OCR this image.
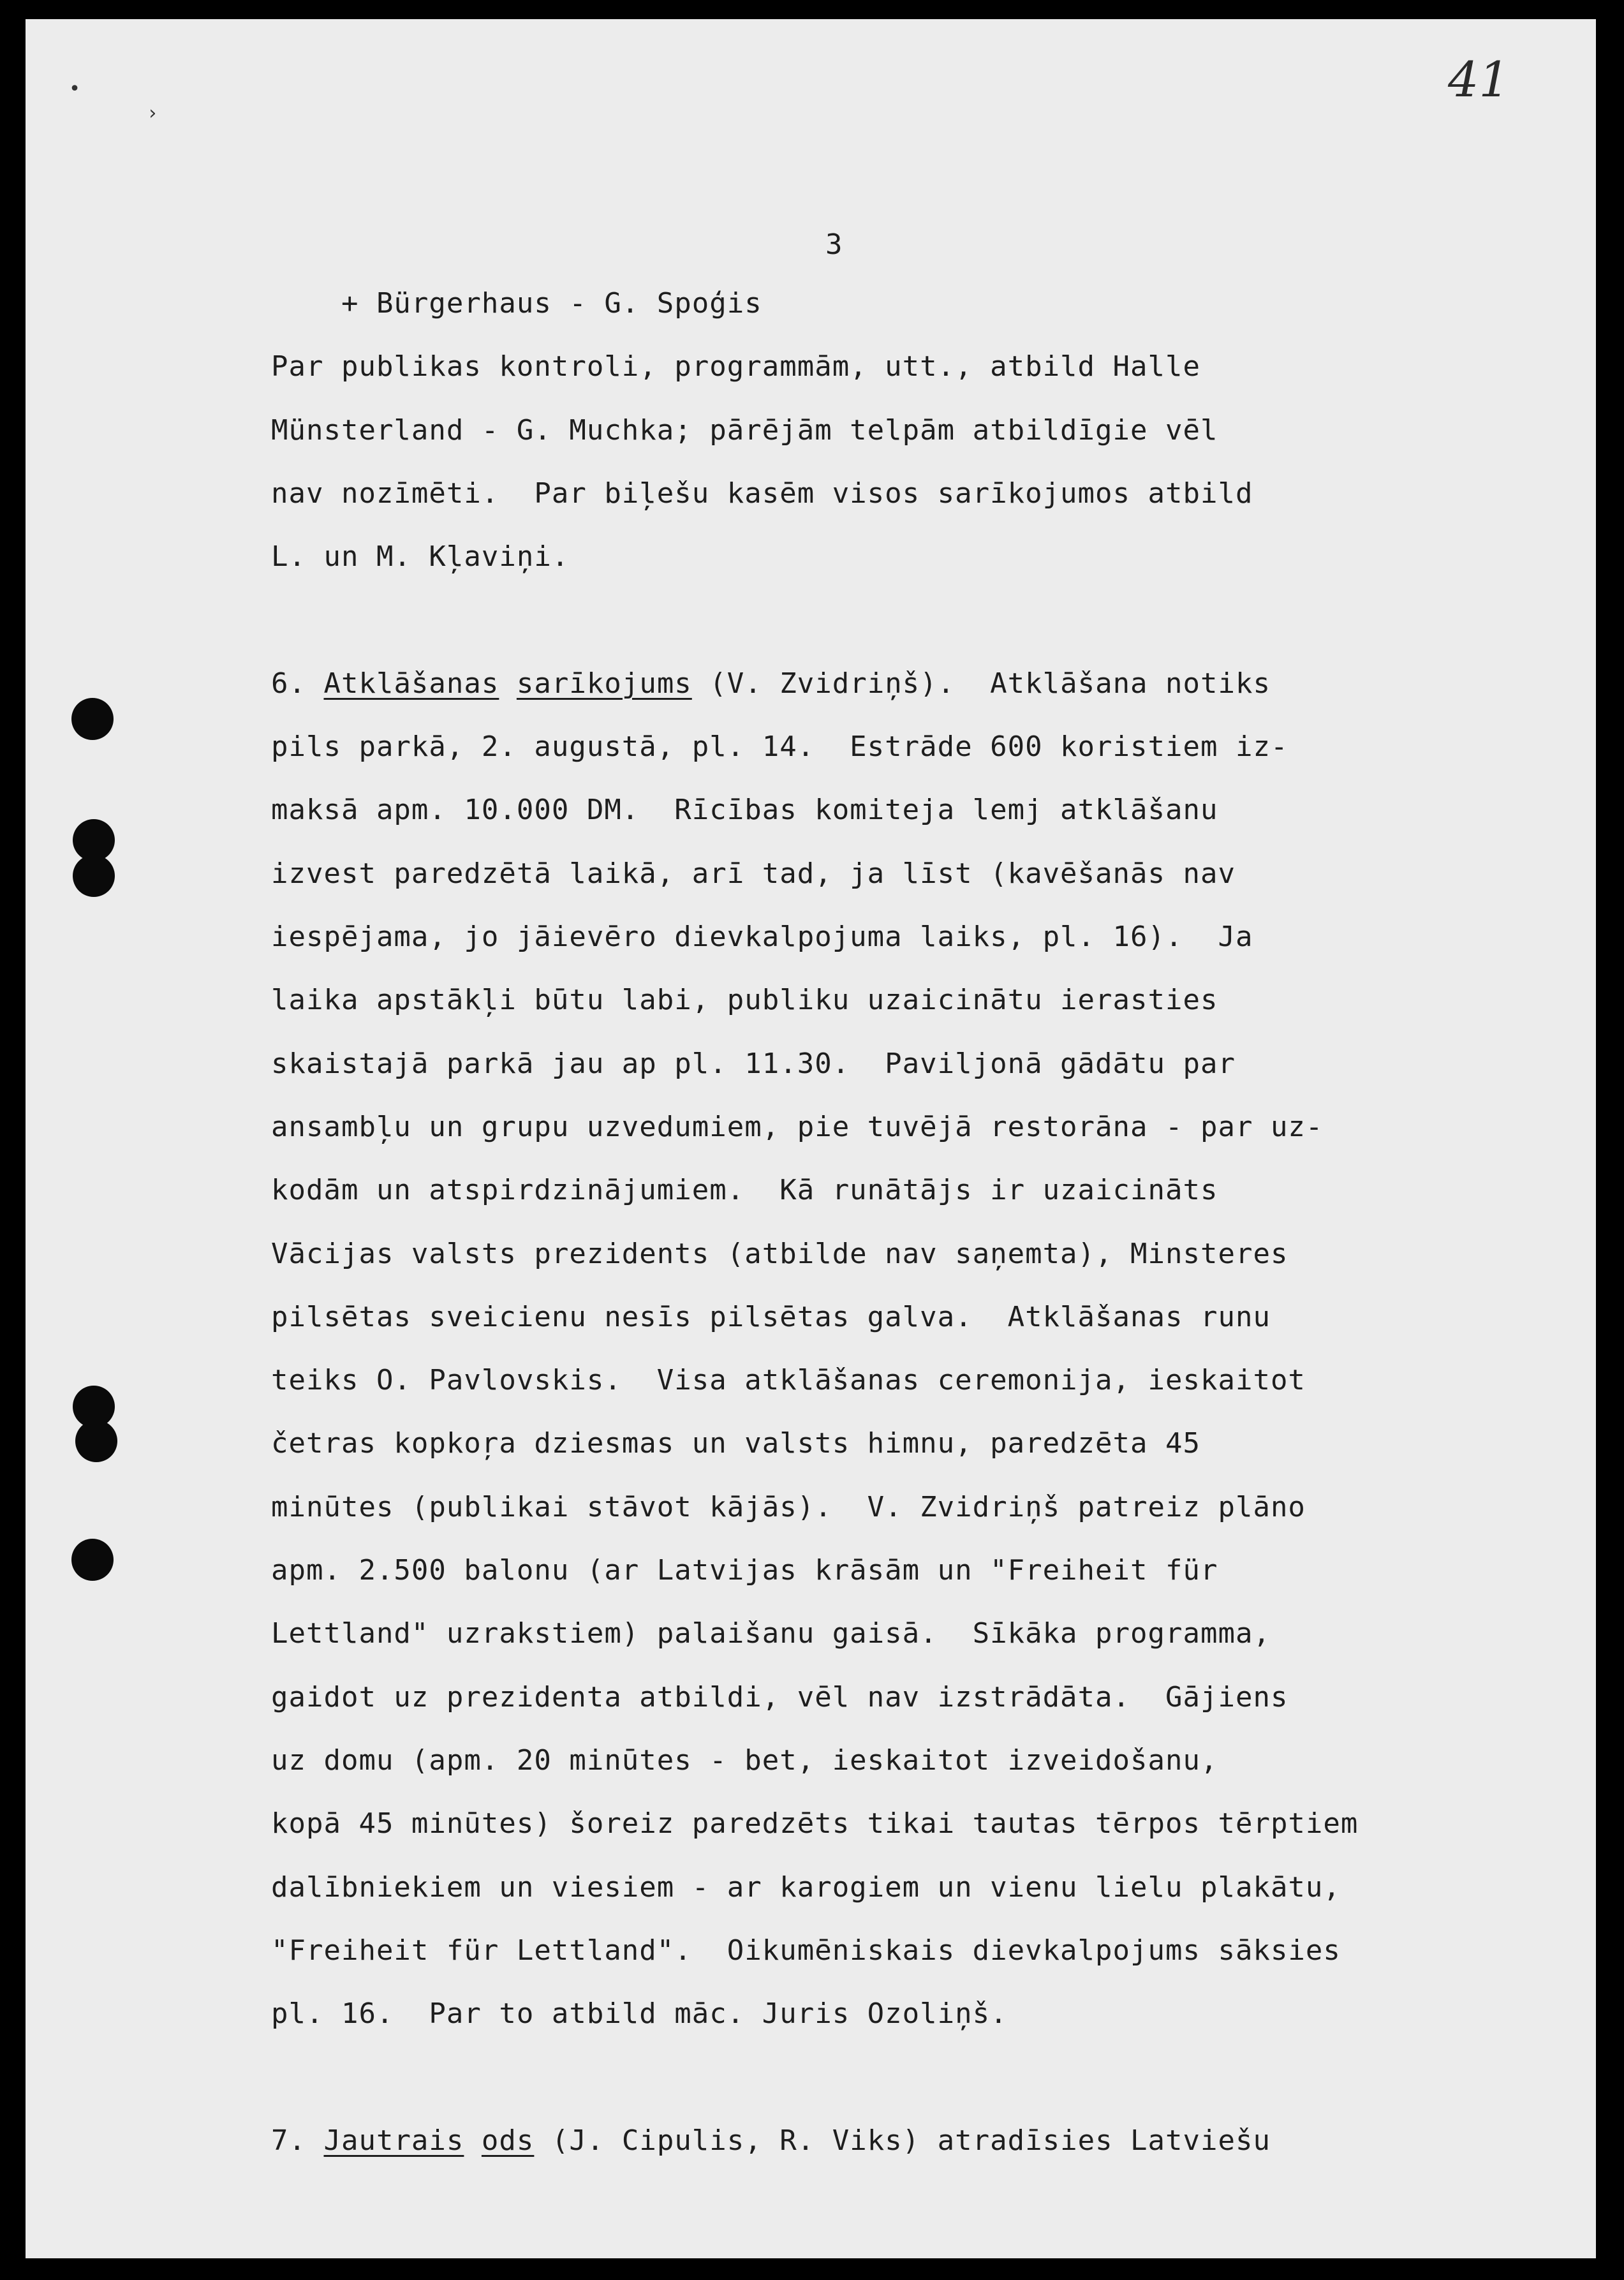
41
•
›
3
+ Bürgerhaus - G. Spoģis
Par publikas kontroli, programmām, utt., atbild Halle
Münsterland - G. Muchka; pārējām telpām atbildīgie vēl
nav nozīmēti.  Par biļešu kasēm visos sarīkojumos atbild
L. un M. Kļaviņi.
6. Atklāšanas sarīkojums (V. Zvidriņš).  Atklāšana notiks
pils parkā, 2. augustā, pl. 14.  Estrāde 600 koristiem iz-
maksā apm. 10.000 DM.  Rīcības komiteja lemj atklāšanu
izvest paredzētā laikā, arī tad, ja līst (kavēšanās nav
iespējama, jo jāievēro dievkalpojuma laiks, pl. 16).  Ja
laika apstākļi būtu labi, publiku uzaicinātu ierasties
skaistajā parkā jau ap pl. 11.30.  Paviljonā gādātu par
ansambļu un grupu uzvedumiem, pie tuvējā restorāna - par uz-
kodām un atspirdzinājumiem.  Kā runātājs ir uzaicināts
Vācijas valsts prezidents (atbilde nav saņemta), Minsteres
pilsētas sveicienu nesīs pilsētas galva.  Atklāšanas runu
teiks O. Pavlovskis.  Visa atklāšanas ceremonija, ieskaitot
četras kopkoŗa dziesmas un valsts himnu, paredzēta 45
minūtes (publikai stāvot kājās).  V. Zvidriņš patreiz plāno
apm. 2.500 balonu (ar Latvijas krāsām un "Freiheit für
Lettland" uzrakstiem) palaišanu gaisā.  Sīkāka programma,
gaidot uz prezidenta atbildi, vēl nav izstrādāta.  Gājiens
uz domu (apm. 20 minūtes - bet, ieskaitot izveidošanu,
kopā 45 minūtes) šoreiz paredzēts tikai tautas tērpos tērptiem
dalībniekiem un viesiem - ar karogiem un vienu lielu plakātu,
"Freiheit für Lettland".  Oikumēniskais dievkalpojums sāksies
pl. 16.  Par to atbild māc. Juris Ozoliņš.
7. Jautrais ods (J. Cipulis, R. Viks) atradīsies Latviešu
